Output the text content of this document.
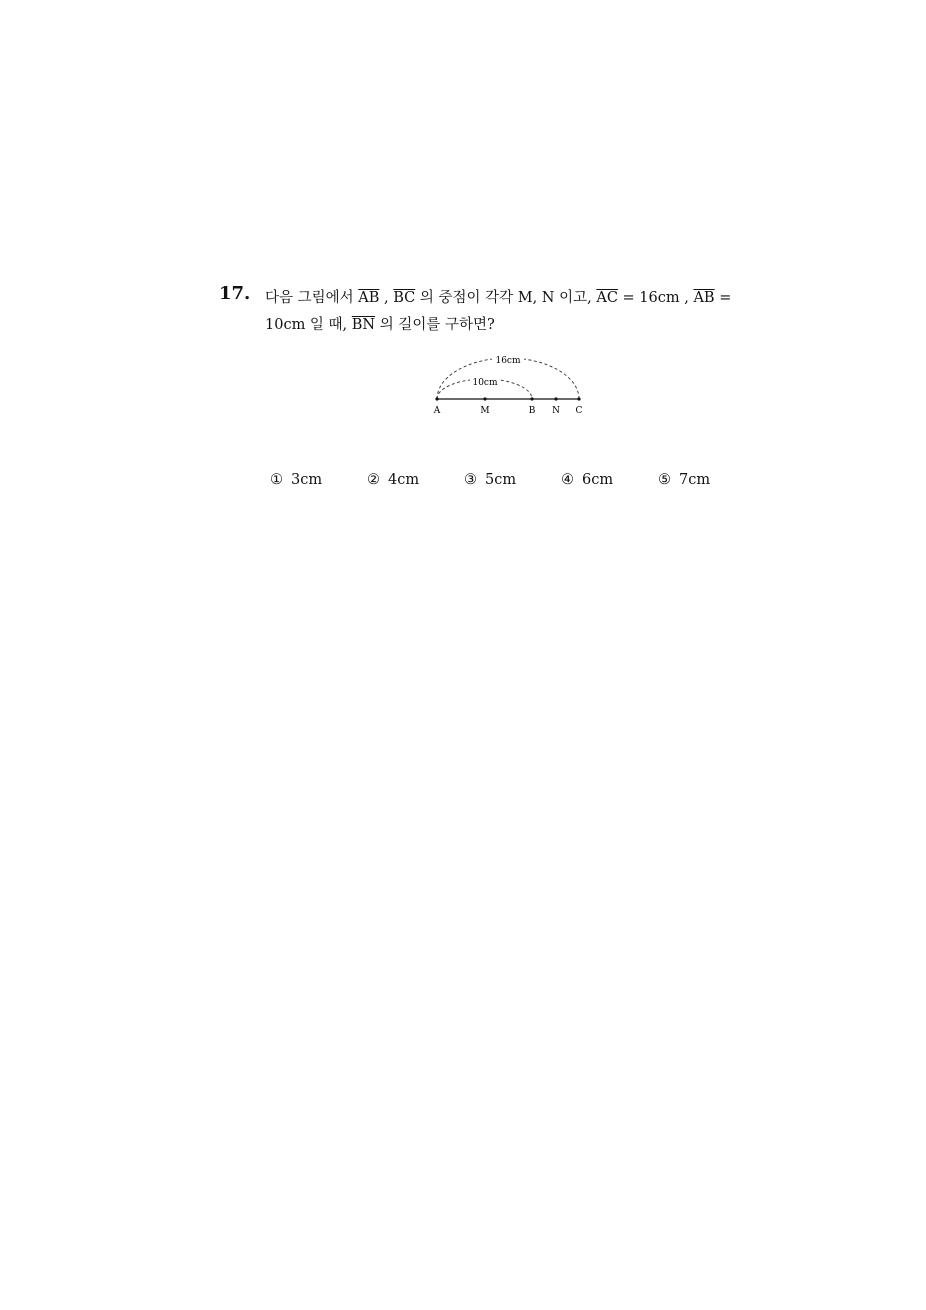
17. 다음 그림에서 $\overline{AB}$ , $\overline{BC}$ 의 중점이 각각 M, N 이고, $\overline{AC} = 16cm$ , $\overline{AB}$ =
10cm 일 때, $\overline{BN}$ 의 길이를 구하면?
16cm
10cm
A	M	B N C
① 3cm	② 4cm	③ 5cm	④ 6cm	⑤ 7cm
